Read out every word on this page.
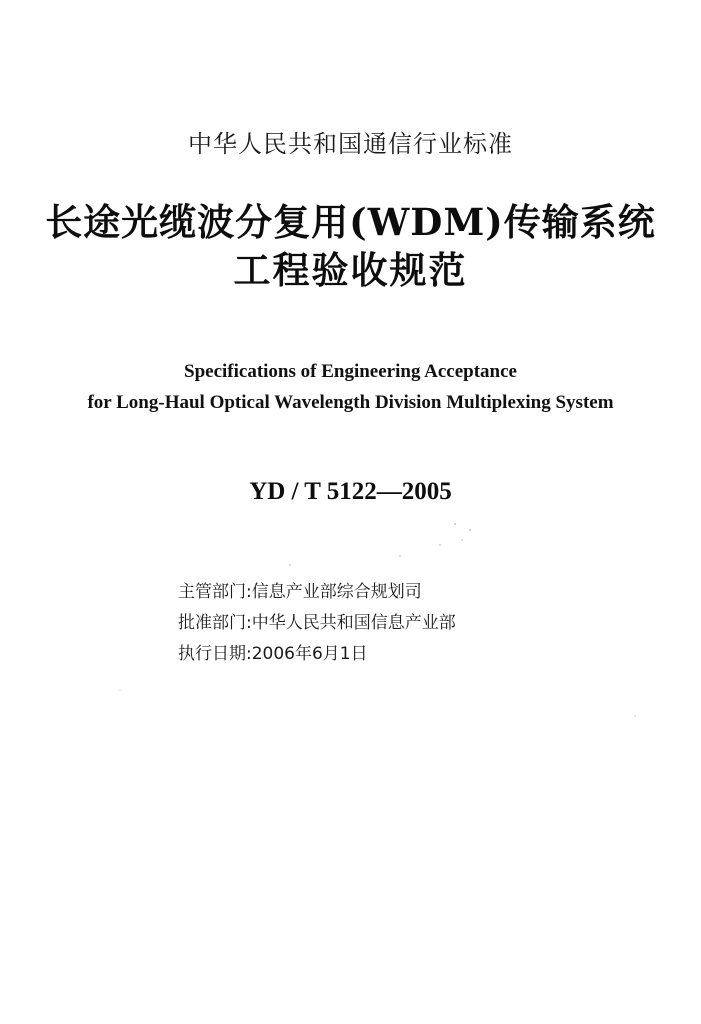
中华人民共和国通信行业标准
长途光缆波分复用(WDM)传输系统
工程验收规范
Specifications of Engineering Acceptance
for Long-Haul Optical Wavelength Division Multiplexing System
YD / T 5122—2005
主管部门:信息产业部综合规划司
批准部门:中华人民共和国信息产业部
执行日期:2006年6月1日
